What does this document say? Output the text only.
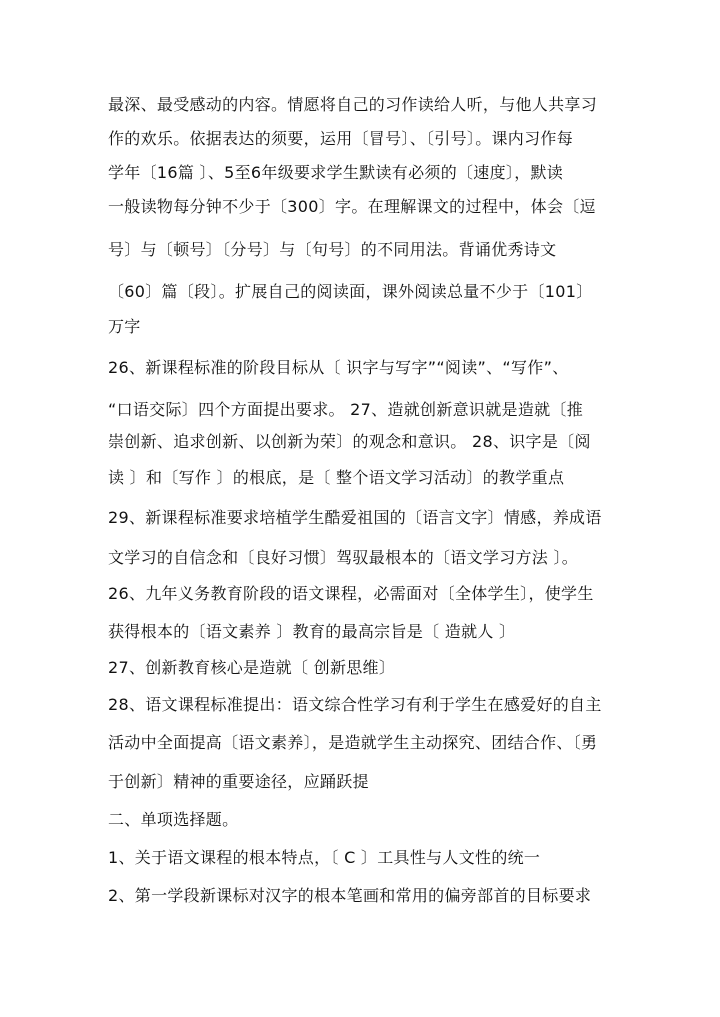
最深、最受感动的内容。情愿将自己的习作读给人听，与他人共享习
作的欢乐。依据表达的须要，运用〔冒号〕、〔引号〕。课内习作每
学年〔16篇 〕、5至6年级要求学生默读有必须的〔速度〕，默读
一般读物每分钟不少于〔300〕字。在理解课文的过程中，体会〔逗
号〕与〔顿号〕〔分号〕与〔句号〕的不同用法。背诵优秀诗文
〔60〕篇〔段〕。扩展自己的阅读面，课外阅读总量不少于〔101〕
万字
26、新课程标准的阶段目标从〔 识字与写字”“阅读”、“写作”、
“口语交际〕四个方面提出要求。 27、造就创新意识就是造就〔推
崇创新、追求创新、以创新为荣〕的观念和意识。 28、识字是〔阅
读 〕和〔写作 〕的根底，是〔 整个语文学习活动〕的教学重点
29、新课程标准要求培植学生酷爱祖国的〔语言文字〕情感，养成语
文学习的自信念和〔良好习惯〕驾驭最根本的〔语文学习方法 〕。
26、九年义务教育阶段的语文课程，必需面对〔全体学生〕，使学生
获得根本的〔语文素养 〕教育的最高宗旨是〔 造就人 〕
27、创新教育核心是造就〔 创新思维〕
28、语文课程标准提出：语文综合性学习有利于学生在感爱好的自主
活动中全面提高〔语文素养〕，是造就学生主动探究、团结合作、〔勇
于创新〕精神的重要途径，应踊跃提
二、单项选择题。
1、关于语文课程的根本特点，〔 C 〕工具性与人文性的统一
2、第一学段新课标对汉字的根本笔画和常用的偏旁部首的目标要求
